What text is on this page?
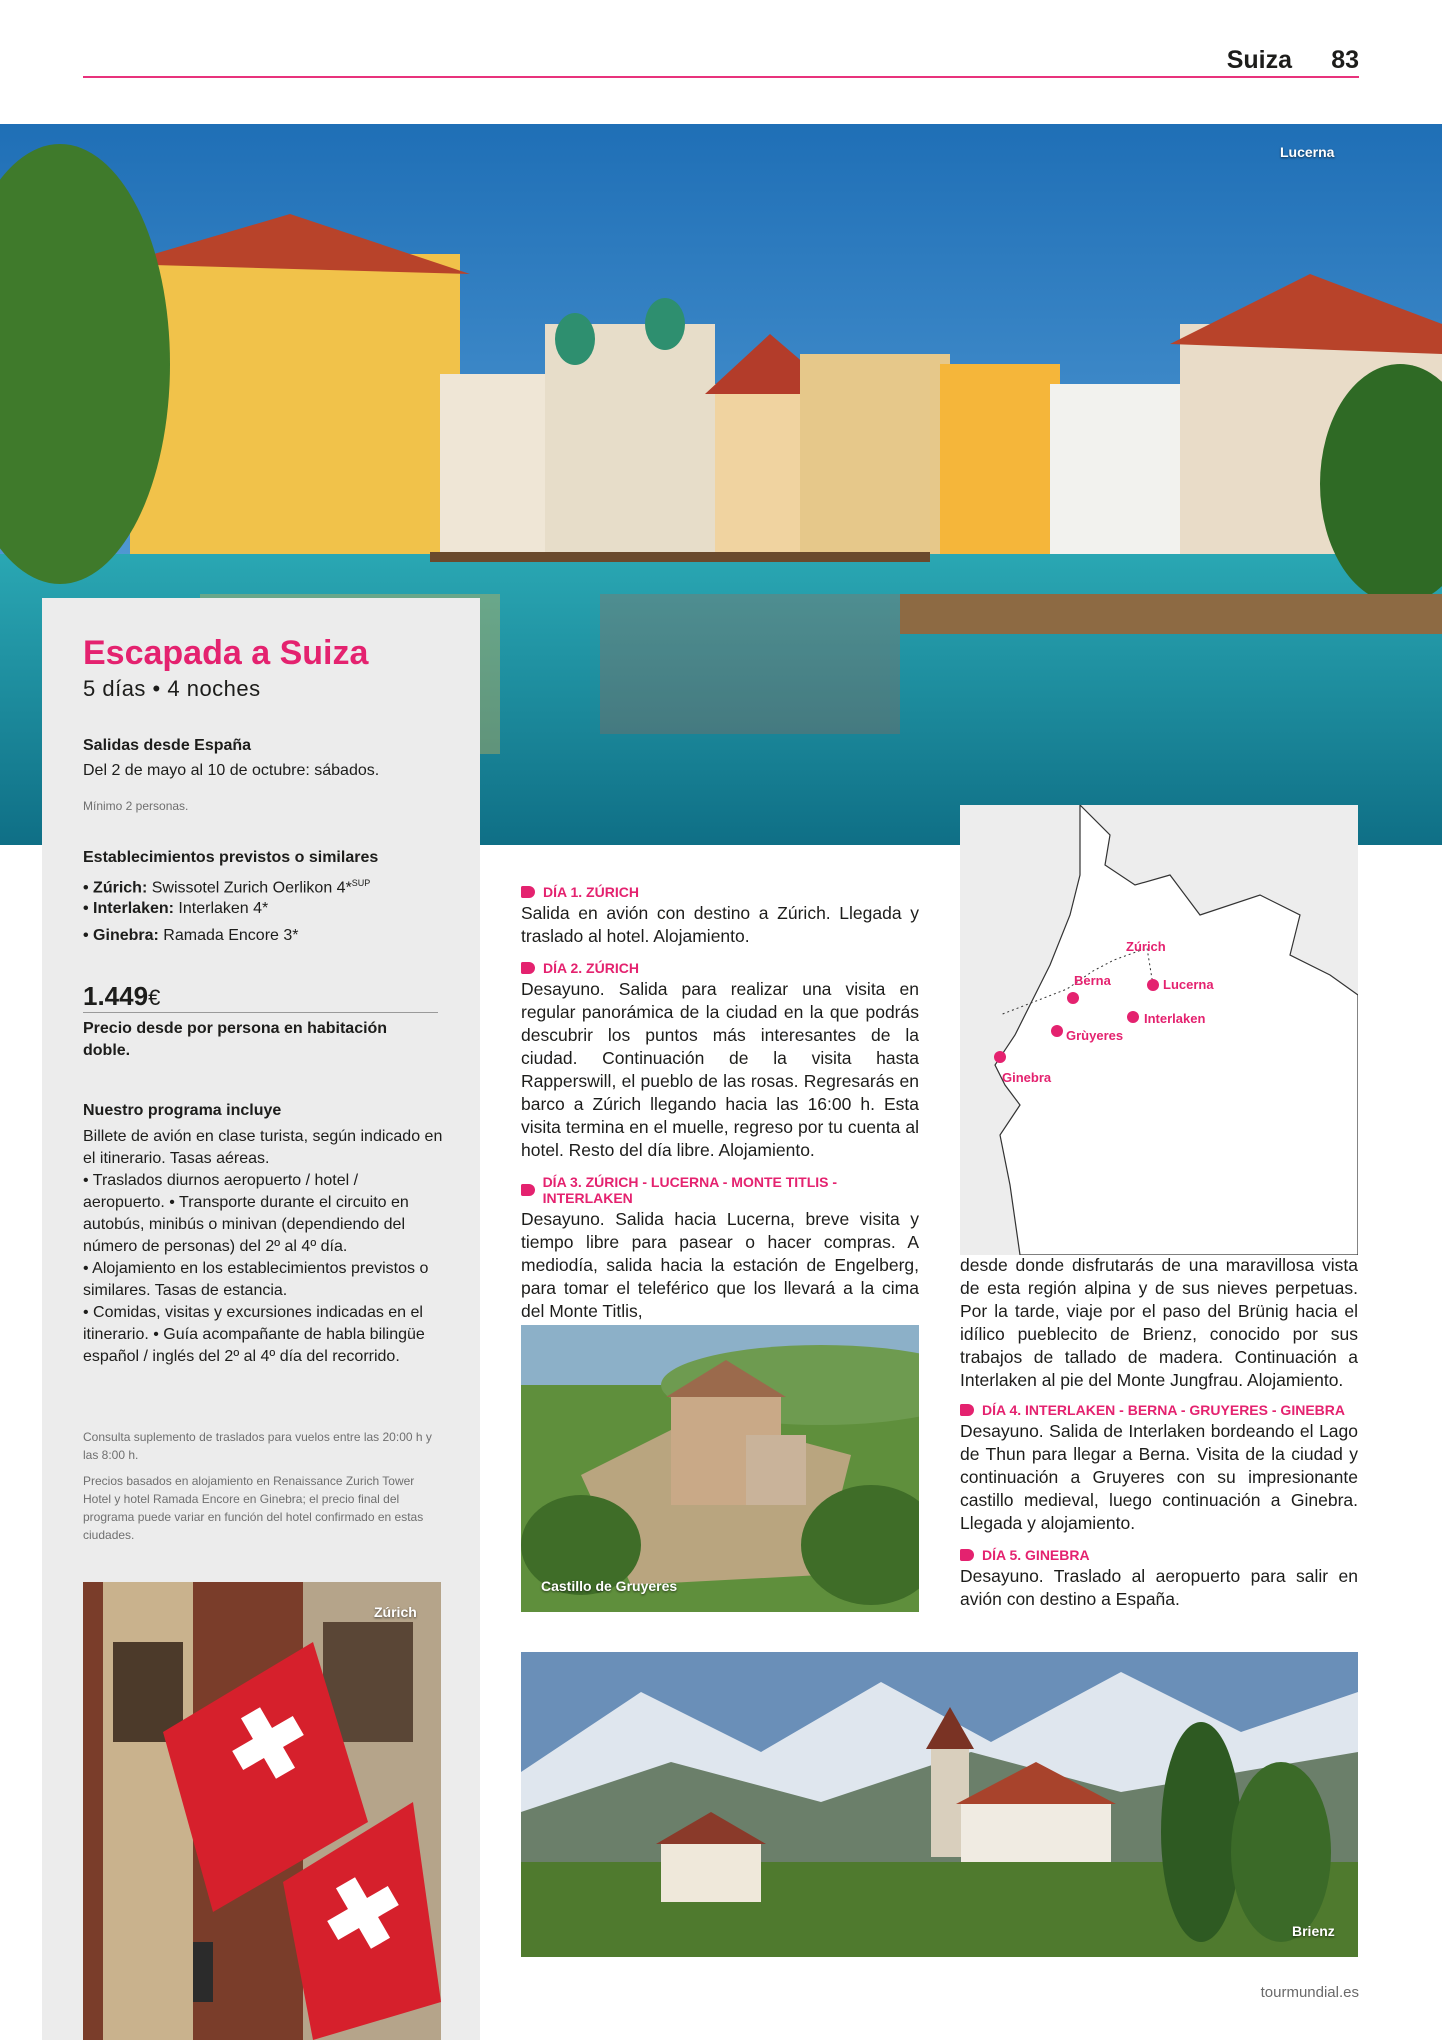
Suiza 83
Lucerna
Escapada a Suiza
5 días • 4 noches
Salidas desde España
Del 2 de mayo al 10 de octubre: sábados.
Mínimo 2 personas.
Establecimientos previstos o similares
• Zúrich: Swissotel Zurich Oerlikon 4*$^{SUP}$
• Interlaken: Interlaken 4*
• Ginebra: Ramada Encore 3*
1.449€
Precio desde por persona en habitación doble.
Nuestro programa incluye
Billete de avión en clase turista, según indicado en el itinerario. Tasas aéreas.
• Traslados diurnos aeropuerto / hotel / aeropuerto. • Transporte durante el circuito en autobús, minibús o minivan (dependiendo del número de personas) del 2º al 4º día.
• Alojamiento en los establecimientos previstos o similares. Tasas de estancia.
• Comidas, visitas y excursiones indicadas en el itinerario. • Guía acompañante de habla bilingüe español / inglés del 2º al 4º día del recorrido.
Consulta suplemento de traslados para vuelos entre las 20:00 h y las 8:00 h.
Precios basados en alojamiento en Renaissance Zurich Tower Hotel y hotel Ramada Encore en Ginebra; el precio final del programa puede variar en función del hotel confirmado en estas ciudades.
Zúrich
DÍA 1. ZÚRICH
Salida en avión con destino a Zúrich. Llegada y traslado al hotel. Alojamiento.
DÍA 2. ZÚRICH
Desayuno. Salida para realizar una visita en regular panorámica de la ciudad en la que podrás descubrir los puntos más interesantes de la ciudad. Continuación de la visita hasta Rapperswill, el pueblo de las rosas. Regresarás en barco a Zúrich llegando hacia las 16:00 h. Esta visita termina en el muelle, regreso por tu cuenta al hotel. Resto del día libre. Alojamiento.
DÍA 3. ZÚRICH - LUCERNA - MONTE TITLIS - INTERLAKEN
Desayuno. Salida hacia Lucerna, breve visita y tiempo libre para pasear o hacer compras. A mediodía, salida hacia la estación de Engelberg, para tomar el teleférico que los llevará a la cima del Monte Titlis,
Castillo de Gruyeres
Zúrich
Berna	Lucerna
Interlaken
Grùyeres
Ginebra
desde donde disfrutarás de una maravillosa vista de esta región alpina y de sus nieves perpetuas. Por la tarde, viaje por el paso del Brünig hacia el idílico pueblecito de Brienz, conocido por sus trabajos de tallado de madera. Continuación a Interlaken al pie del Monte Jungfrau. Alojamiento.
DÍA 4. INTERLAKEN - BERNA - GRUYERES - GINEBRA
Desayuno. Salida de Interlaken bordeando el Lago de Thun para llegar a Berna. Visita de la ciudad y continuación a Gruyeres con su impresionante castillo medieval, luego continuación a Ginebra. Llegada y alojamiento.
DÍA 5. GINEBRA
Desayuno. Traslado al aeropuerto para salir en avión con destino a España.
Brienz
tourmundial.es
